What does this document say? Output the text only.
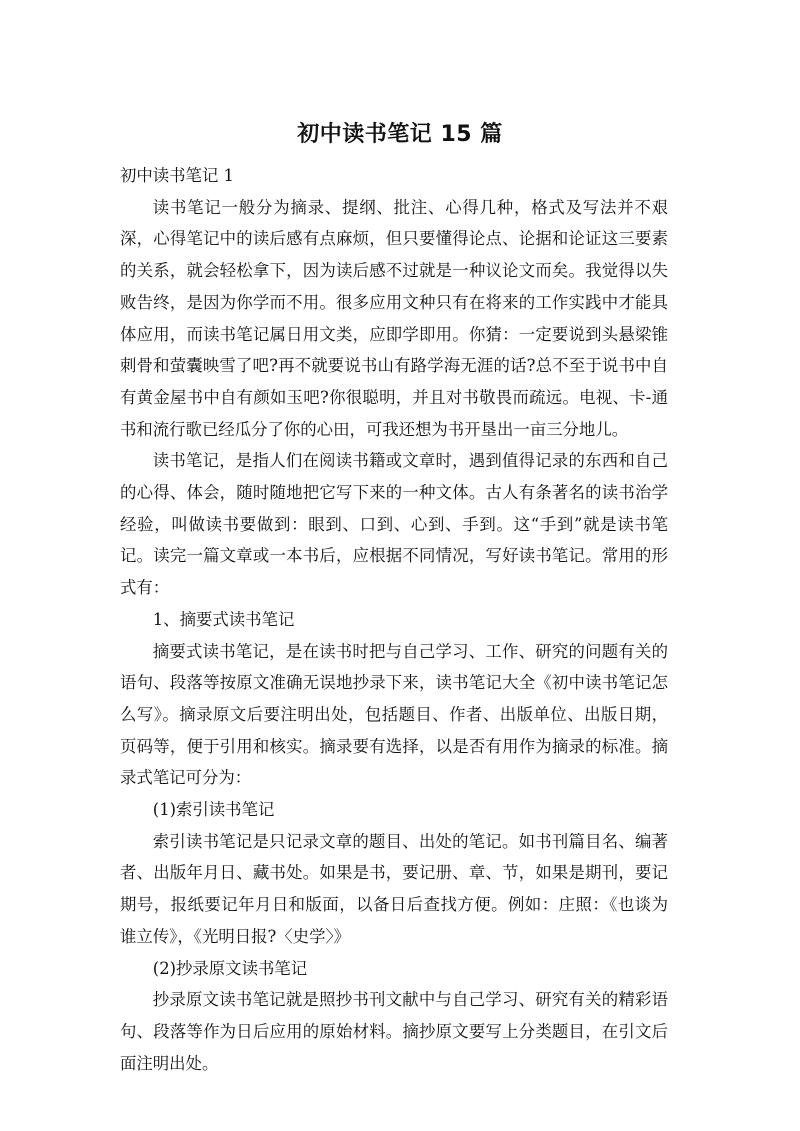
初中读书笔记 15 篇

初中读书笔记 1

读书笔记一般分为摘录、提纲、批注、心得几种，格式及写法并不艰深，心得笔记中的读后感有点麻烦，但只要懂得论点、论据和论证这三要素的关系，就会轻松拿下，因为读后感不过就是一种议论文而矣。我觉得以失败告终，是因为你学而不用。很多应用文种只有在将来的工作实践中才能具体应用，而读书笔记属日用文类，应即学即用。你猜：一定要说到头悬梁锥刺骨和萤囊映雪了吧?再不就要说书山有路学海无涯的话?总不至于说书中自有黄金屋书中自有颜如玉吧?你很聪明，并且对书敬畏而疏远。电视、卡-通书和流行歌已经瓜分了你的心田，可我还想为书开垦出一亩三分地儿。

读书笔记，是指人们在阅读书籍或文章时，遇到值得记录的东西和自己的心得、体会，随时随地把它写下来的一种文体。古人有条著名的读书治学经验，叫做读书要做到：眼到、口到、心到、手到。这“手到”就是读书笔记。读完一篇文章或一本书后，应根据不同情况，写好读书笔记。常用的形式有：

1、摘要式读书笔记

摘要式读书笔记，是在读书时把与自己学习、工作、研究的问题有关的语句、段落等按原文准确无误地抄录下来，读书笔记大全《初中读书笔记怎么写》。摘录原文后要注明出处，包括题目、作者、出版单位、出版日期，页码等，便于引用和核实。摘录要有选择，以是否有用作为摘录的标准。摘录式笔记可分为：

(1)索引读书笔记

索引读书笔记是只记录文章的题目、出处的笔记。如书刊篇目名、编著者、出版年月日、藏书处。如果是书，要记册、章、节，如果是期刊，要记期号，报纸要记年月日和版面，以备日后查找方便。例如：庄照：《也谈为谁立传》，《光明日报?〈史学〉》

(2)抄录原文读书笔记

抄录原文读书笔记就是照抄书刊文献中与自己学习、研究有关的精彩语句、段落等作为日后应用的原始材料。摘抄原文要写上分类题目，在引文后面注明出处。
